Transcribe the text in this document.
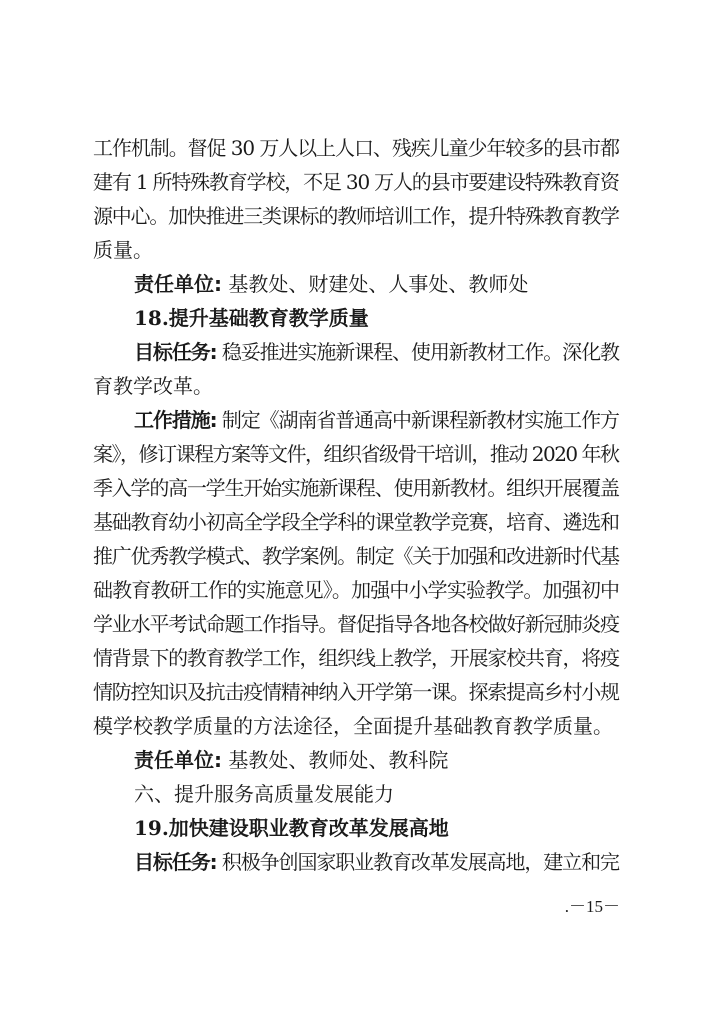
工作机制。督促 30 万人以上人口、残疾儿童少年较多的县市都
建有 1 所特殊教育学校，不足 30 万人的县市要建设特殊教育资
源中心。加快推进三类课标的教师培训工作，提升特殊教育教学
质量。
责任单位: 基教处、财建处、人事处、教师处
18.提升基础教育教学质量
目标任务: 稳妥推进实施新课程、使用新教材工作。深化教
育教学改革。
工作措施: 制定《湖南省普通高中新课程新教材实施工作方
案》，修订课程方案等文件，组织省级骨干培训，推动 2020 年秋
季入学的高一学生开始实施新课程、使用新教材。组织开展覆盖
基础教育幼小初高全学段全学科的课堂教学竞赛，培育、遴选和
推广优秀教学模式、教学案例。制定《关于加强和改进新时代基
础教育教研工作的实施意见》。加强中小学实验教学。加强初中
学业水平考试命题工作指导。督促指导各地各校做好新冠肺炎疫
情背景下的教育教学工作，组织线上教学，开展家校共育，将疫
情防控知识及抗击疫情精神纳入开学第一课。探索提高乡村小规
模学校教学质量的方法途径，全面提升基础教育教学质量。
责任单位: 基教处、教师处、教科院
六、提升服务高质量发展能力
19.加快建设职业教育改革发展高地
目标任务: 积极争创国家职业教育改革发展高地，建立和完
.－15－
